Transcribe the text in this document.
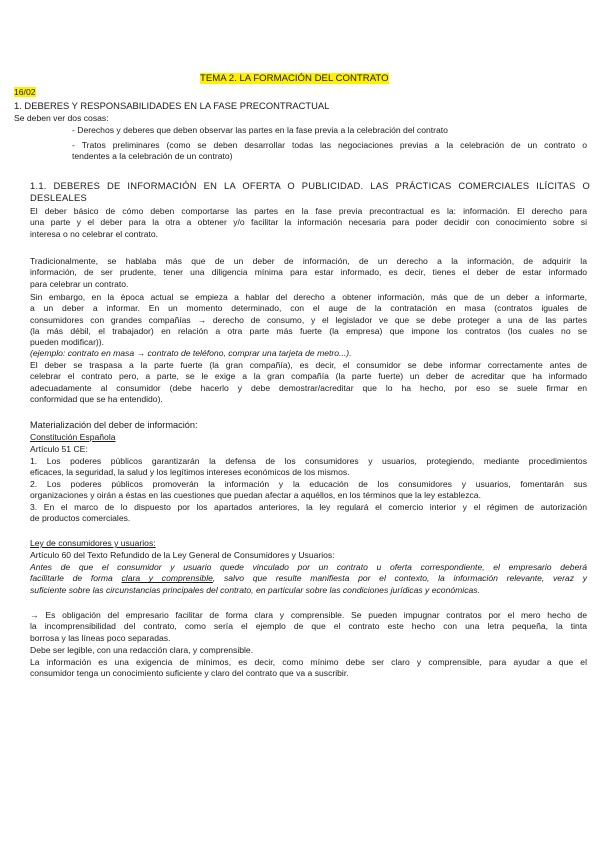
TEMA 2. LA FORMACIÓN DEL CONTRATO
16/02
1. DEBERES Y RESPONSABILIDADES EN LA FASE PRECONTRACTUAL
Se deben ver dos cosas:
- Derechos y deberes que deben observar las partes en la fase previa a la celebración del contrato
- Tratos preliminares (como se deben desarrollar todas las negociaciones previas a la celebración de un contrato o
tendentes a la celebración de un contrato)
1.1. DEBERES DE INFORMACIÓN EN LA OFERTA O PUBLICIDAD. LAS PRÁCTICAS COMERCIALES ILÍCITAS O
DESLEALES
El deber básico de cómo deben comportarse las partes en la fase previa precontractual es la: información. El derecho para
una parte y el deber para la otra a obtener y/o facilitar la información necesaria para poder decidir con conocimiento sobre si
interesa o no celebrar el contrato.
Tradicionalmente, se hablaba más que de un deber de información, de un derecho a la información, de adquirir la
información, de ser prudente, tener una diligencia mínima para estar informado, es decir, tienes el deber de estar informado
para celebrar un contrato.
Sin embargo, en la época actual se empieza a hablar del derecho a obtener información, más que de un deber a informarte,
a un deber a informar. En un momento determinado, con el auge de la contratación en masa (contratos iguales de
consumidores con grandes compañías → derecho de consumo, y el legislador ve que se debe proteger a una de las partes
(la más débil, el trabajador) en relación a otra parte más fuerte (la empresa) que impone los contratos (los cuales no se
pueden modificar)).
(ejemplo: contrato en masa → contrato de teléfono, comprar una tarjeta de metro...).
El deber se traspasa a la parte fuerte (la gran compañía), es decir, el consumidor se debe informar correctamente antes de
celebrar el contrato pero, a parte, se le exige a la gran compañía (la parte fuerte) un deber de acreditar que ha informado
adecuadamente al consumidor (debe hacerlo y debe demostrar/acreditar que lo ha hecho, por eso se suele firmar en
conformidad que se ha entendido).
Materialización del deber de información:
Constitución Española
Artículo 51 CE:
1. Los poderes públicos garantizarán la defensa de los consumidores y usuarios, protegiendo, mediante procedimientos
eficaces, la seguridad, la salud y los legítimos intereses económicos de los mismos.
2. Los poderes públicos promoverán la información y la educación de los consumidores y usuarios, fomentarán sus
organizaciones y oirán a éstas en las cuestiones que puedan afectar a aquéllos, en los términos que la ley establezca.
3. En el marco de lo dispuesto por los apartados anteriores, la ley regulará el comercio interior y el régimen de autorización
de productos comerciales.
Ley de consumidores y usuarios:
Artículo 60 del Texto Refundido de la Ley General de Consumidores y Usuarios:
Antes de que el consumidor y usuario quede vinculado por un contrato u oferta correspondiente, el empresario deberá
facilitarle de forma clara y comprensible, salvo que resulte manifiesta por el contexto, la información relevante, veraz y
suficiente sobre las circunstancias principales del contrato, en particular sobre las condiciones jurídicas y económicas.
→ Es obligación del empresario facilitar de forma clara y comprensible. Se pueden impugnar contratos por el mero hecho de
la incomprensibilidad del contrato, como sería el ejemplo de que el contrato este hecho con una letra pequeña, la tinta
borrosa y las líneas poco separadas.
Debe ser legible, con una redacción clara, y comprensible.
La información es una exigencia de mínimos, es decir, como mínimo debe ser claro y comprensible, para ayudar a que el
consumidor tenga un conocimiento suficiente y claro del contrato que va a suscribir.
